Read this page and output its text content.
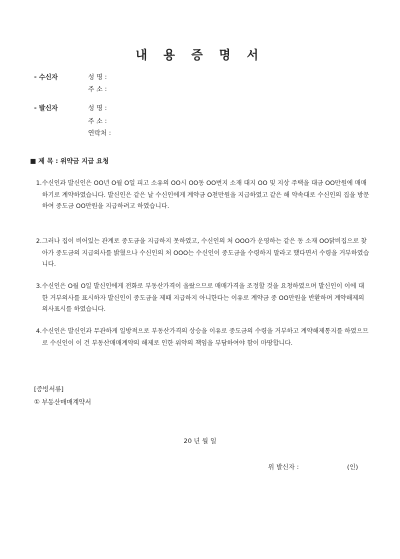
내 용 증 명 서
- 수신자	성 명 :
주 소 :
- 발신자	성 명 :
주 소 :
연락처 :
■ 제 목 : 위약금 지급 요청
1. 수신인과 발신인은 OO년 O월 O일 피고 소유의 OO시 OO동 OO번지 소재 대지 OO 및 지상 주택을 대금 OO만원에 매매하기로 계약하였습니다. 발신인은 같은 날 수신인에게 계약금 O천만원을 지급하였고 같은 해 약속대로 수신인의 집을 방문하여 중도금 OO만원을 지급하려고 하였습니다.
2. 그러나 집이 비어있는 관계로 중도금을 지급하지 못하였고, 수신인의 처 OOO가 운영하는 같은 동 소재 OO닭비집으로 찾아가 중도금의 지급의사를 밝혔으나 수신인의 처 OOO는 수신인이 중도금을 수령하지 말라고 했다면서 수령을 거부하였습니다.
3. 수신인은 O월 O일 발신인에게 전화로 부동산가격이 올랐으므로 매매가격을 조정할 것을 요청하였으며 발신인이 이에 대한 거부의사를 표시하자 발신인이 중도금을 제때 지급하지 아니한다는 이유로 계약금 중 OO만원을 반환하며 계약해제의 의사표시를 하였습니다.
4. 수신인은 발신인과 무관하게 일방적으로 부동산가격의 상승을 이유로 중도금의 수령을 거부하고 계약해제통지를 하였으므로 수신인이 이 건 부동산매매계약의 해제로 인한 위약의 책임을 부담하여야 함이 마땅합니다.
[증빙서류]
① 부동산매매계약서
20 년 월 일
위 발신자 :	(인)
